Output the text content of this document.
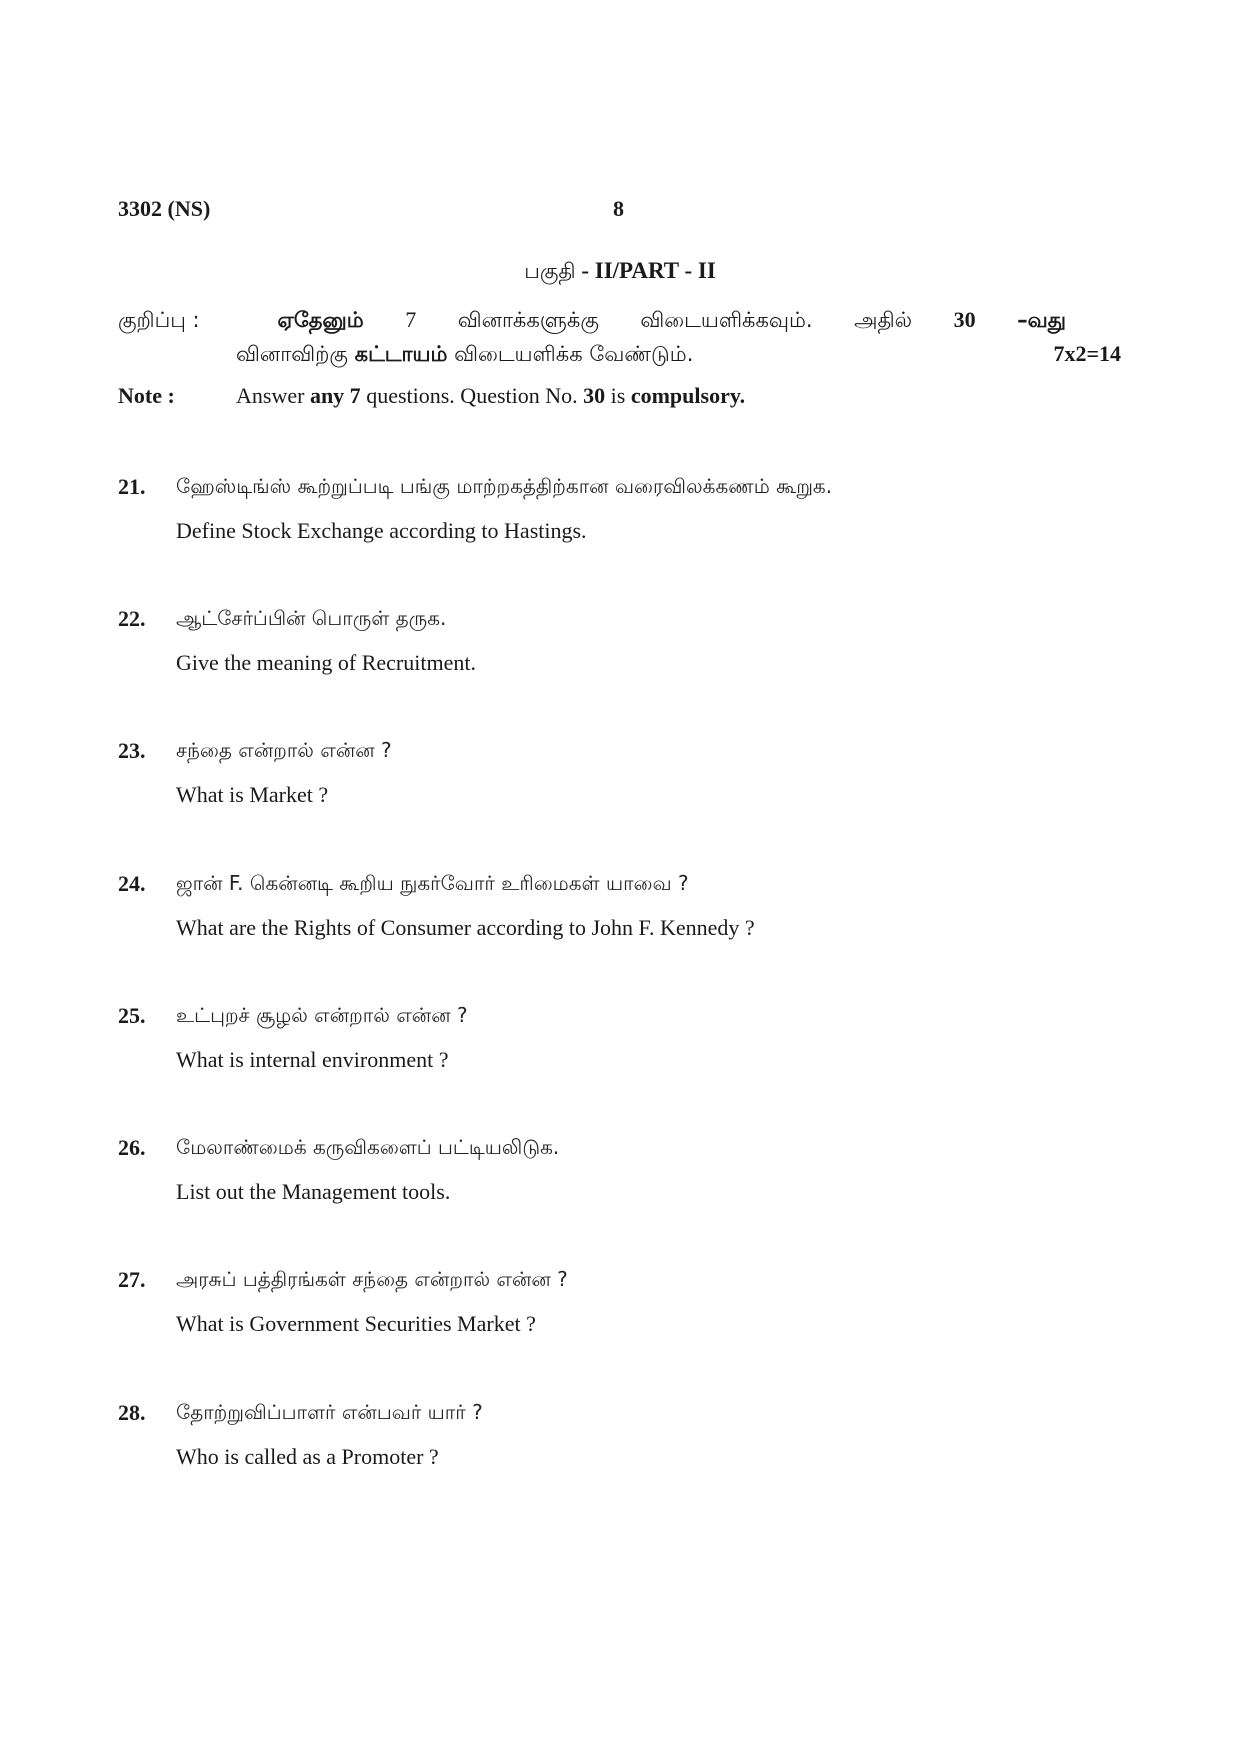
3302 (NS)	8
பகுதி - II/PART - II
குறிப்பு :	ஏதேனும் 7 வினாக்களுக்கு விடையளிக்கவும். அதில் 30 –வது
வினாவிற்கு கட்டாயம் விடையளிக்க வேண்டும்.	7x2=14
Note :	Answer any 7 questions. Question No. 30 is compulsory.
21. ஹேஸ்டிங்ஸ் கூற்றுப்படி பங்கு மாற்றகத்திற்கான வரைவிலக்கணம் கூறுக.
Define Stock Exchange according to Hastings.
22. ஆட்சேர்ப்பின் பொருள் தருக.
Give the meaning of Recruitment.
23. சந்தை என்றால் என்ன ?
What is Market ?
24. ஜான் F. கென்னடி கூறிய நுகர்வோர் உரிமைகள் யாவை ?
What are the Rights of Consumer according to John F. Kennedy ?
25. உட்புறச் சூழல் என்றால் என்ன ?
What is internal environment ?
26. மேலாண்மைக் கருவிகளைப் பட்டியலிடுக.
List out the Management tools.
27. அரசுப் பத்திரங்கள் சந்தை என்றால் என்ன ?
What is Government Securities Market ?
28. தோற்றுவிப்பாளர் என்பவர் யார் ?
Who is called as a Promoter ?
